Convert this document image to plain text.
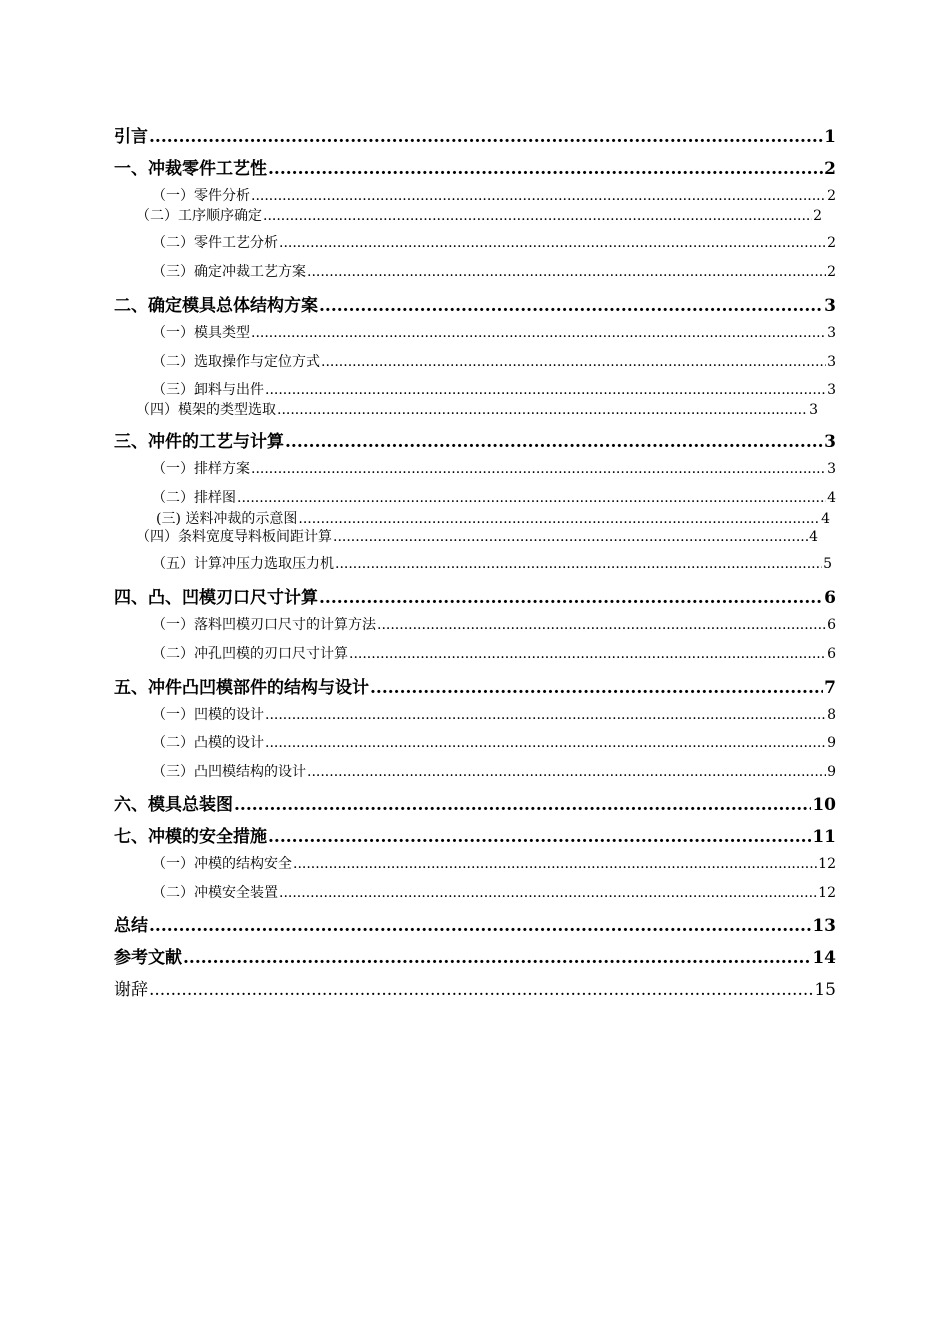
引言 .....	1
一、冲裁零件工艺性 .....	2
（一）零件分析 .....	2
（二）工序顺序确定 .....	2
（二）零件工艺分析 .....	2
（三）确定冲裁工艺方案 .....	2
二、确定模具总体结构方案 .....	3
（一）模具类型 .....	3
（二）选取操作与定位方式 .....	3
（三）卸料与出件 .....	3
（四）模架的类型选取 .....	3
三、冲件的工艺与计算 .....	3
（一）排样方案 .....	3
（二）排样图 .....	4
(三) 送料冲裁的示意图 .....	4
（四）条料宽度导料板间距计算 .....	4
（五）计算冲压力选取压力机 .....	5
四、凸、凹模刃口尺寸计算 .....	6
（一）落料凹模刃口尺寸的计算方法 .....	6
（二）冲孔凹模的刃口尺寸计算 .....	6
五、冲件凸凹模部件的结构与设计 .....	7
（一）凹模的设计 .....	8
（二）凸模的设计 .....	9
（三）凸凹模结构的设计 .....	9
六、模具总装图 .....	10
七、冲模的安全措施 .....	11
（一）冲模的结构安全 .....	12
（二）冲模安全装置 .....	12
总结 .....	13
参考文献 .....	14
谢辞 .....	15
